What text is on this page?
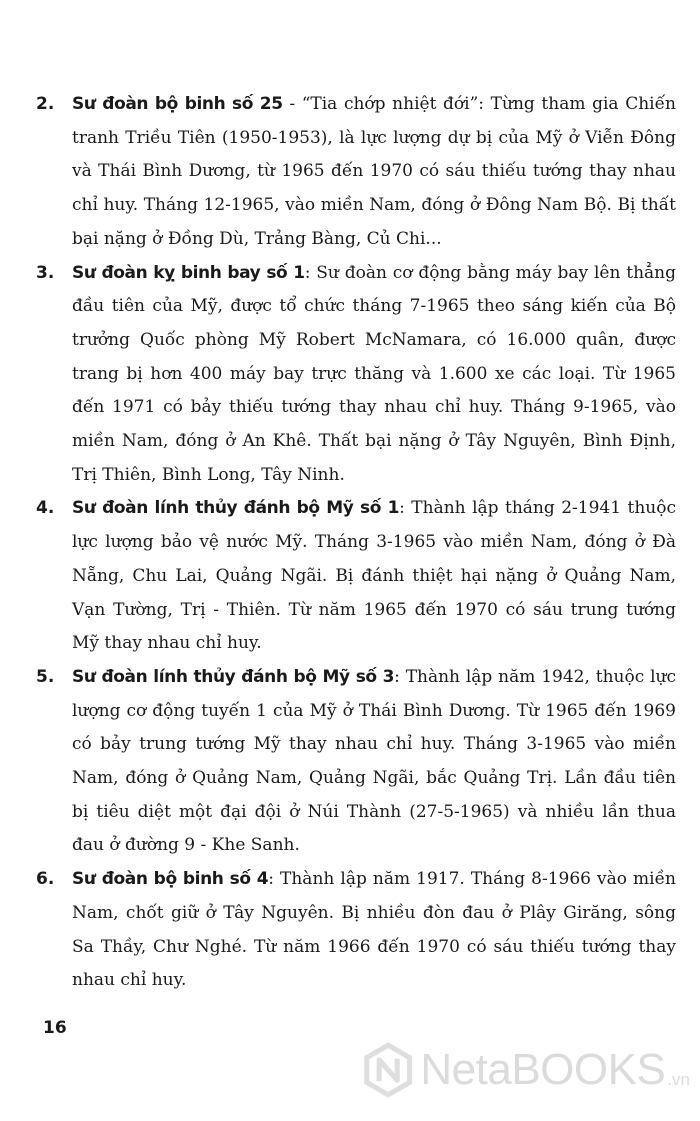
2. Sư đoàn bộ binh số 25 - “Tia chớp nhiệt đới”: Từng tham gia Chiến tranh Triều Tiên (1950-1953), là lực lượng dự bị của Mỹ ở Viễn Đông và Thái Bình Dương, từ 1965 đến 1970 có sáu thiếu tướng thay nhau chỉ huy. Tháng 12-1965, vào miền Nam, đóng ở Đông Nam Bộ. Bị thất bại nặng ở Đồng Dù, Trảng Bàng, Củ Chi...
3. Sư đoàn kỵ binh bay số 1: Sư đoàn cơ động bằng máy bay lên thẳng đầu tiên của Mỹ, được tổ chức tháng 7-1965 theo sáng kiến của Bộ trưởng Quốc phòng Mỹ Robert McNamara, có 16.000 quân, được trang bị hơn 400 máy bay trực thăng và 1.600 xe các loại. Từ 1965 đến 1971 có bảy thiếu tướng thay nhau chỉ huy. Tháng 9-1965, vào miền Nam, đóng ở An Khê. Thất bại nặng ở Tây Nguyên, Bình Định, Trị Thiên, Bình Long, Tây Ninh.
4. Sư đoàn lính thủy đánh bộ Mỹ số 1: Thành lập tháng 2-1941 thuộc lực lượng bảo vệ nước Mỹ. Tháng 3-1965 vào miền Nam, đóng ở Đà Nẵng, Chu Lai, Quảng Ngãi. Bị đánh thiệt hại nặng ở Quảng Nam, Vạn Tường, Trị - Thiên. Từ năm 1965 đến 1970 có sáu trung tướng Mỹ thay nhau chỉ huy.
5. Sư đoàn lính thủy đánh bộ Mỹ số 3: Thành lập năm 1942, thuộc lực lượng cơ động tuyến 1 của Mỹ ở Thái Bình Dương. Từ 1965 đến 1969 có bảy trung tướng Mỹ thay nhau chỉ huy. Tháng 3-1965 vào miền Nam, đóng ở Quảng Nam, Quảng Ngãi, bắc Quảng Trị. Lần đầu tiên bị tiêu diệt một đại đội ở Núi Thành (27-5-1965) và nhiều lần thua đau ở đường 9 - Khe Sanh.
6. Sư đoàn bộ binh số 4: Thành lập năm 1917. Tháng 8-1966 vào miền Nam, chốt giữ ở Tây Nguyên. Bị nhiều đòn đau ở Plây Girăng, sông Sa Thầy, Chư Nghé. Từ năm 1966 đến 1970 có sáu thiếu tướng thay nhau chỉ huy.
16
NetaBOOKS .vn
